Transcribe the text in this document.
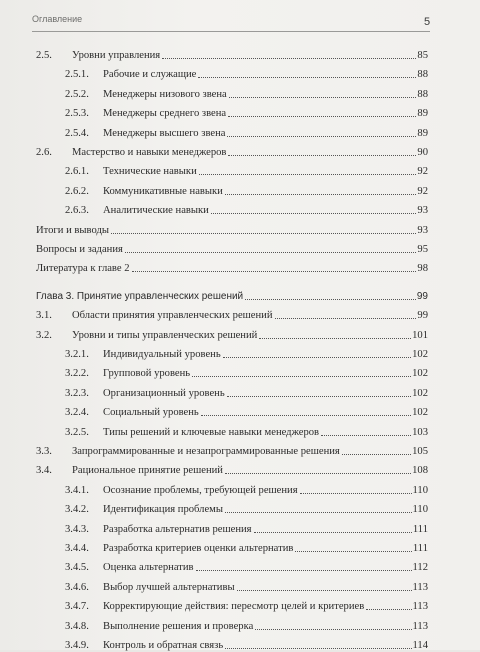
Оглавление	5
2.5.	Уровни управления	85
2.5.1.	Рабочие и служащие	88
2.5.2.	Менеджеры низового звена	88
2.5.3.	Менеджеры среднего звена	89
2.5.4.	Менеджеры высшего звена	89
2.6.	Мастерство и навыки менеджеров	90
2.6.1.	Технические навыки	92
2.6.2.	Коммуникативные навыки	92
2.6.3.	Аналитические навыки	93
Итоги и выводы	93
Вопросы и задания	95
Литература к главе 2	98
Глава 3. Принятие управленческих решений	99
3.1.	Области принятия управленческих решений	99
3.2.	Уровни и типы управленческих решений	101
3.2.1.	Индивидуальный уровень	102
3.2.2.	Групповой уровень	102
3.2.3.	Организационный уровень	102
3.2.4.	Социальный уровень	102
3.2.5.	Типы решений и ключевые навыки менеджеров	103
3.3.	Запрограммированные и незапрограммированные решения	105
3.4.	Рациональное принятие решений	108
3.4.1.	Осознание проблемы, требующей решения	110
3.4.2.	Идентификация проблемы	110
3.4.3.	Разработка альтернатив решения	111
3.4.4.	Разработка критериев оценки альтернатив	111
3.4.5.	Оценка альтернатив	112
3.4.6.	Выбор лучшей альтернативы	113
3.4.7.	Корректирующие действия: пересмотр целей и критериев	113
3.4.8.	Выполнение решения и проверка	113
3.4.9.	Контроль и обратная связь	114
